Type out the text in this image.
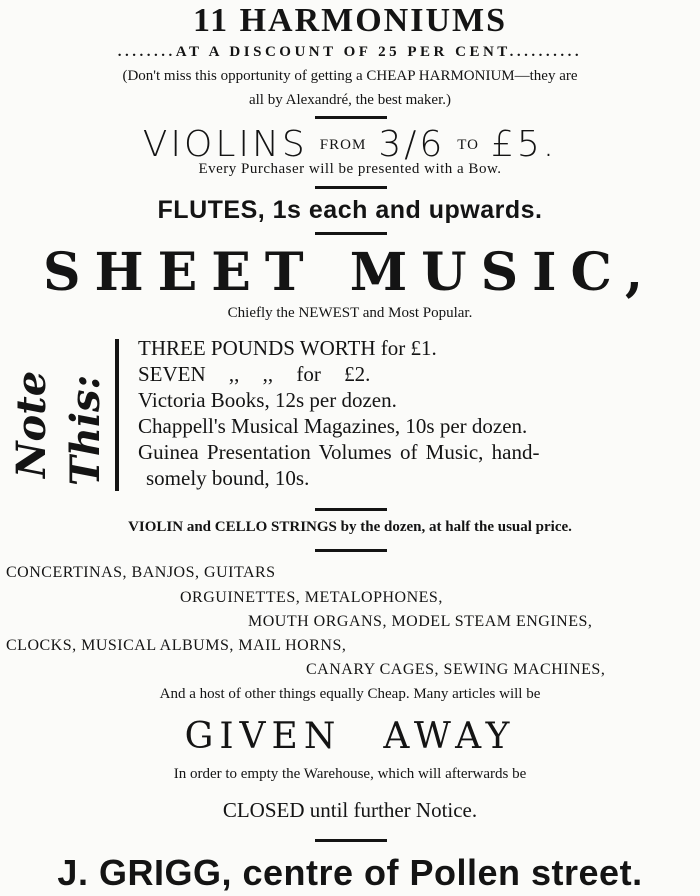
11 HARMONIUMS
........AT A DISCOUNT OF 25 PER CENT..........
(Don't miss this opportunity of getting a CHEAP HARMONIUM—they are
all by Alexandré, the best maker.)
VIOLINS FROM 3/6 TO £5.
Every Purchaser will be presented with a Bow.
FLUTES, 1s each and upwards.
SHEET MUSIC,
Chiefly the NEWEST and Most Popular.
Note This:
THREE POUNDS WORTH for £1.
SEVEN ,, ,, for £2.
Victoria Books, 12s per dozen.
Chappell's Musical Magazines, 10s per dozen.
Guinea Presentation Volumes of Music, hand-
somely bound, 10s.
VIOLIN and CELLO STRINGS by the dozen, at half the usual price.
CONCERTINAS, BANJOS, GUITARS
ORGUINETTES, METALOPHONES,
MOUTH ORGANS, MODEL STEAM ENGINES,
CLOCKS, MUSICAL ALBUMS, MAIL HORNS,
CANARY CAGES, SEWING MACHINES,
And a host of other things equally Cheap. Many articles will be
GIVEN AWAY
In order to empty the Warehouse, which will afterwards be
CLOSED until further Notice.
J. GRIGG, centre of Pollen street.
